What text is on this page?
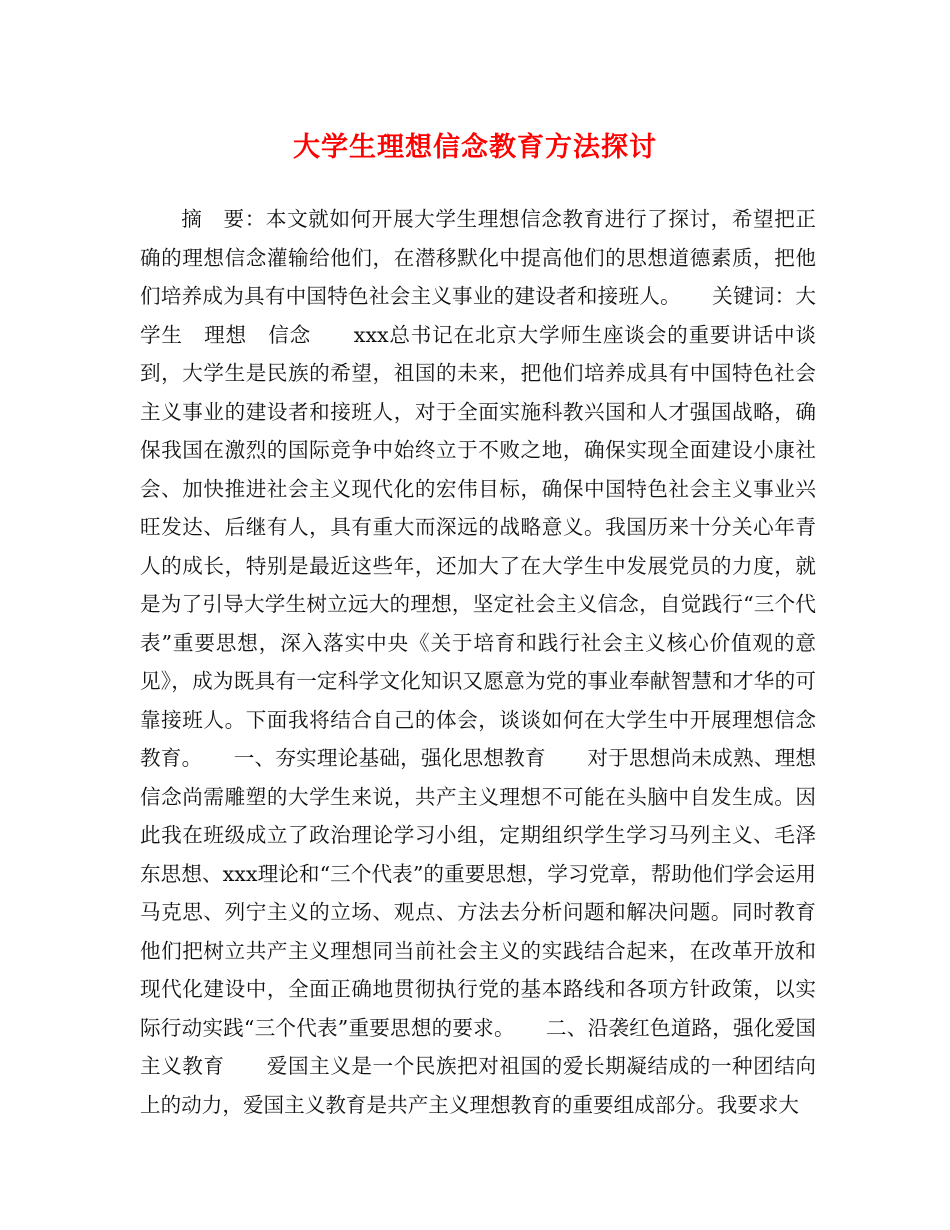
大学生理想信念教育方法探讨

摘　要：本文就如何开展大学生理想信念教育进行了探讨，希望把正确的理想信念灌输给他们，在潜移默化中提高他们的思想道德素质，把他们培养成为具有中国特色社会主义事业的建设者和接班人。　　关键词：大学生　理想　信念　　xxx总书记在北京大学师生座谈会的重要讲话中谈到，大学生是民族的希望，祖国的未来，把他们培养成具有中国特色社会主义事业的建设者和接班人，对于全面实施科教兴国和人才强国战略，确保我国在激烈的国际竞争中始终立于不败之地，确保实现全面建设小康社会、加快推进社会主义现代化的宏伟目标，确保中国特色社会主义事业兴旺发达、后继有人，具有重大而深远的战略意义。我国历来十分关心年青人的成长，特别是最近这些年，还加大了在大学生中发展党员的力度，就是为了引导大学生树立远大的理想，坚定社会主义信念，自觉践行“三个代表”重要思想，深入落实中央《关于培育和践行社会主义核心价值观的意见》，成为既具有一定科学文化知识又愿意为党的事业奉献智慧和才华的可靠接班人。下面我将结合自己的体会，谈谈如何在大学生中开展理想信念教育。　　一、夯实理论基础，强化思想教育　　对于思想尚未成熟、理想信念尚需雕塑的大学生来说，共产主义理想不可能在头脑中自发生成。因此我在班级成立了政治理论学习小组，定期组织学生学习马列主义、毛泽东思想、xxx理论和“三个代表”的重要思想，学习党章，帮助他们学会运用马克思、列宁主义的立场、观点、方法去分析问题和解决问题。同时教育他们把树立共产主义理想同当前社会主义的实践结合起来，在改革开放和现代化建设中，全面正确地贯彻执行党的基本路线和各项方针政策，以实际行动实践“三个代表”重要思想的要求。　　二、沿袭红色道路，强化爱国主义教育　　爱国主义是一个民族把对祖国的爱长期凝结成的一种团结向上的动力，爱国主义教育是共产主义理想教育的重要组成部分。我要求大
